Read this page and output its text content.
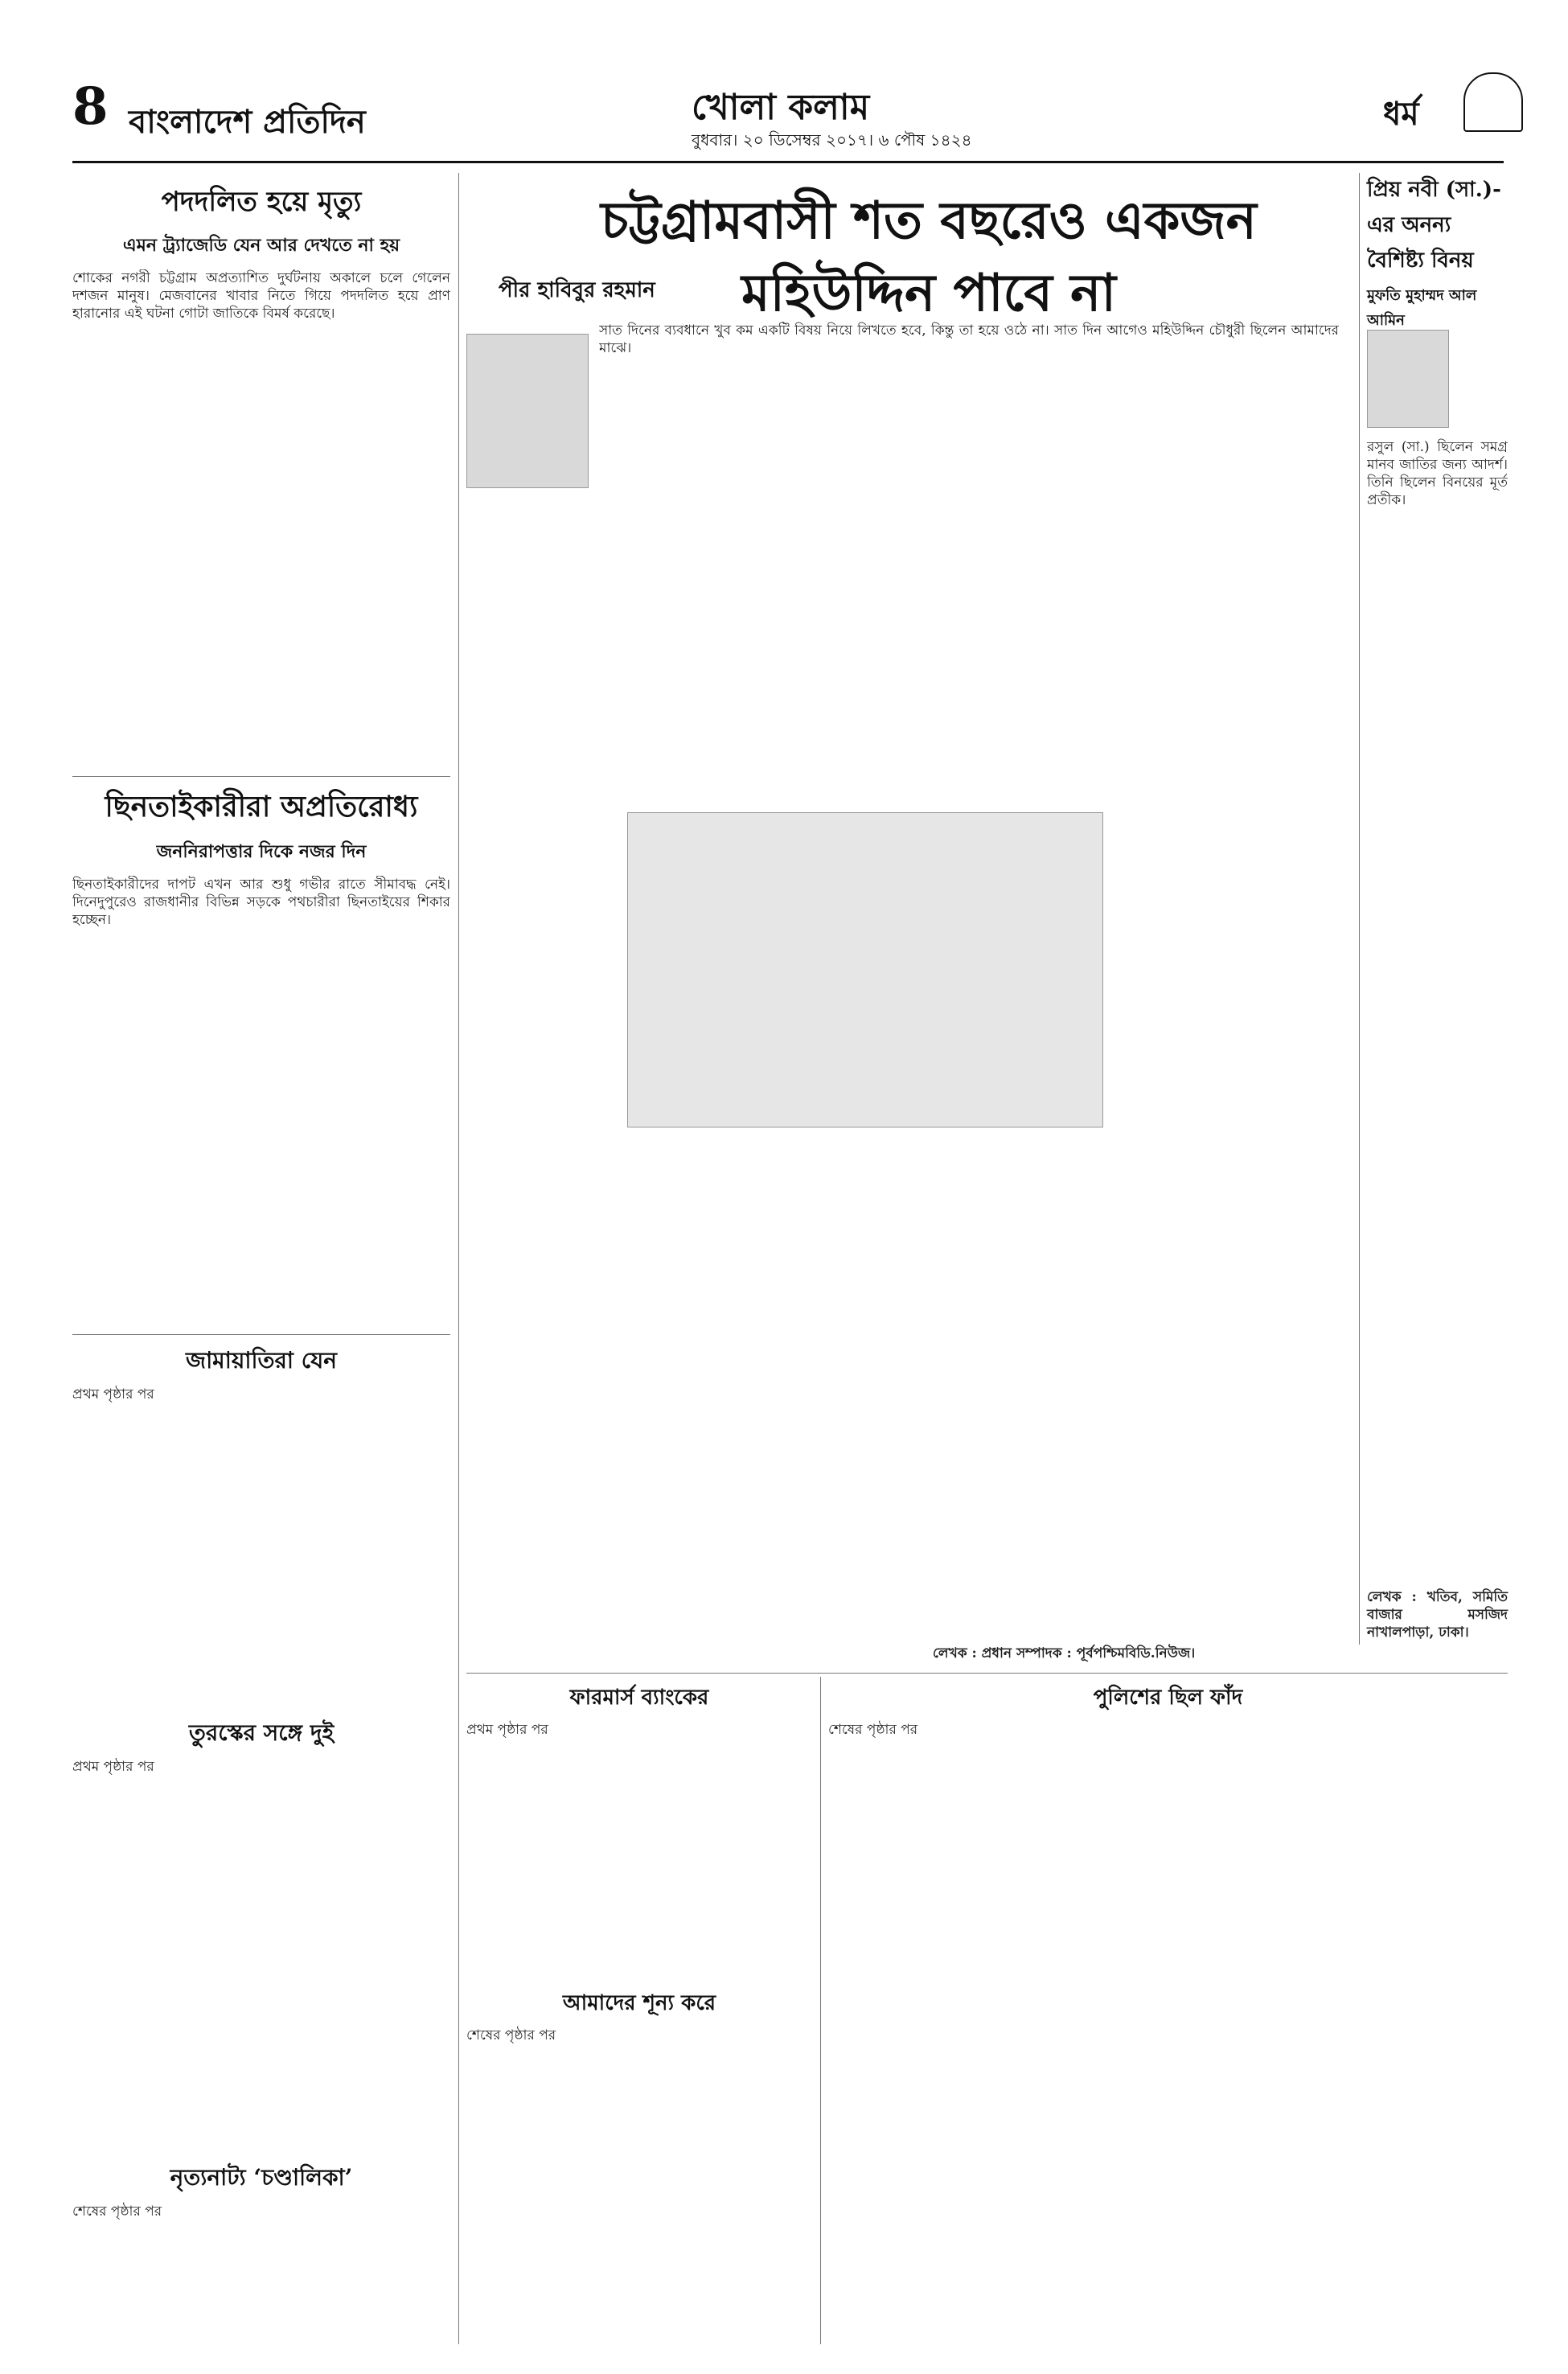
8 বাংলাদেশ প্রতিদিন	খোলা কলাম
বুধবার। ২০ ডিসেম্বর ২০১৭। ৬ পৌষ ১৪২৪
ধর্ম
পদদলিত হয়ে মৃত্যু
এমন ট্র্যাজেডি যেন আর দেখতে না হয়
শোকের নগরী চট্টগ্রাম অপ্রত্যাশিত দুর্ঘটনায় অকালে চলে গেলেন দশজন মানুষ। মেজবানের খাবার নিতে গিয়ে পদদলিত হয়ে প্রাণ হারানোর এই ঘটনা গোটা জাতিকে বিমর্ষ করেছে।
ছিনতাইকারীরা অপ্রতিরোধ্য
জননিরাপত্তার দিকে নজর দিন
ছিনতাইকারীদের দাপট এখন আর শুধু গভীর রাতে সীমাবদ্ধ নেই। দিনেদুপুরেও রাজধানীর বিভিন্ন সড়কে পথচারীরা ছিনতাইয়ের শিকার হচ্ছেন।
জামায়াতিরা যেন
প্রথম পৃষ্ঠার পর
তুরস্কের সঙ্গে দুই
প্রথম পৃষ্ঠার পর
নৃত্যনাট্য ‘চণ্ডালিকা’
শেষের পৃষ্ঠার পর
চট্টগ্রামবাসী শত বছরেও একজন মহিউদ্দিন পাবে না
পীর হাবিবুর রহমান
সাত দিনের ব্যবধানে খুব কম একটি বিষয় নিয়ে লিখতে হবে, কিন্তু তা হয়ে ওঠে না। সাত দিন আগেও মহিউদ্দিন চৌধুরী ছিলেন আমাদের মাঝে।
লেখক : প্রধান সম্পাদক : পূর্বপশ্চিমবিডি.নিউজ।
প্রিয় নবী (সা.)-এর অনন্য বৈশিষ্ট্য বিনয়
মুফতি মুহাম্মদ আল আমিন
রসুল (সা.) ছিলেন সমগ্র মানব জাতির জন্য আদর্শ। তিনি ছিলেন বিনয়ের মূর্ত প্রতীক।
লেখক : খতিব, সমিতি বাজার মসজিদ নাখালপাড়া, ঢাকা।
ফারমার্স ব্যাংকের
প্রথম পৃষ্ঠার পর
আমাদের শূন্য করে
শেষের পৃষ্ঠার পর
পুলিশের ছিল ফাঁদ
শেষের পৃষ্ঠার পর
